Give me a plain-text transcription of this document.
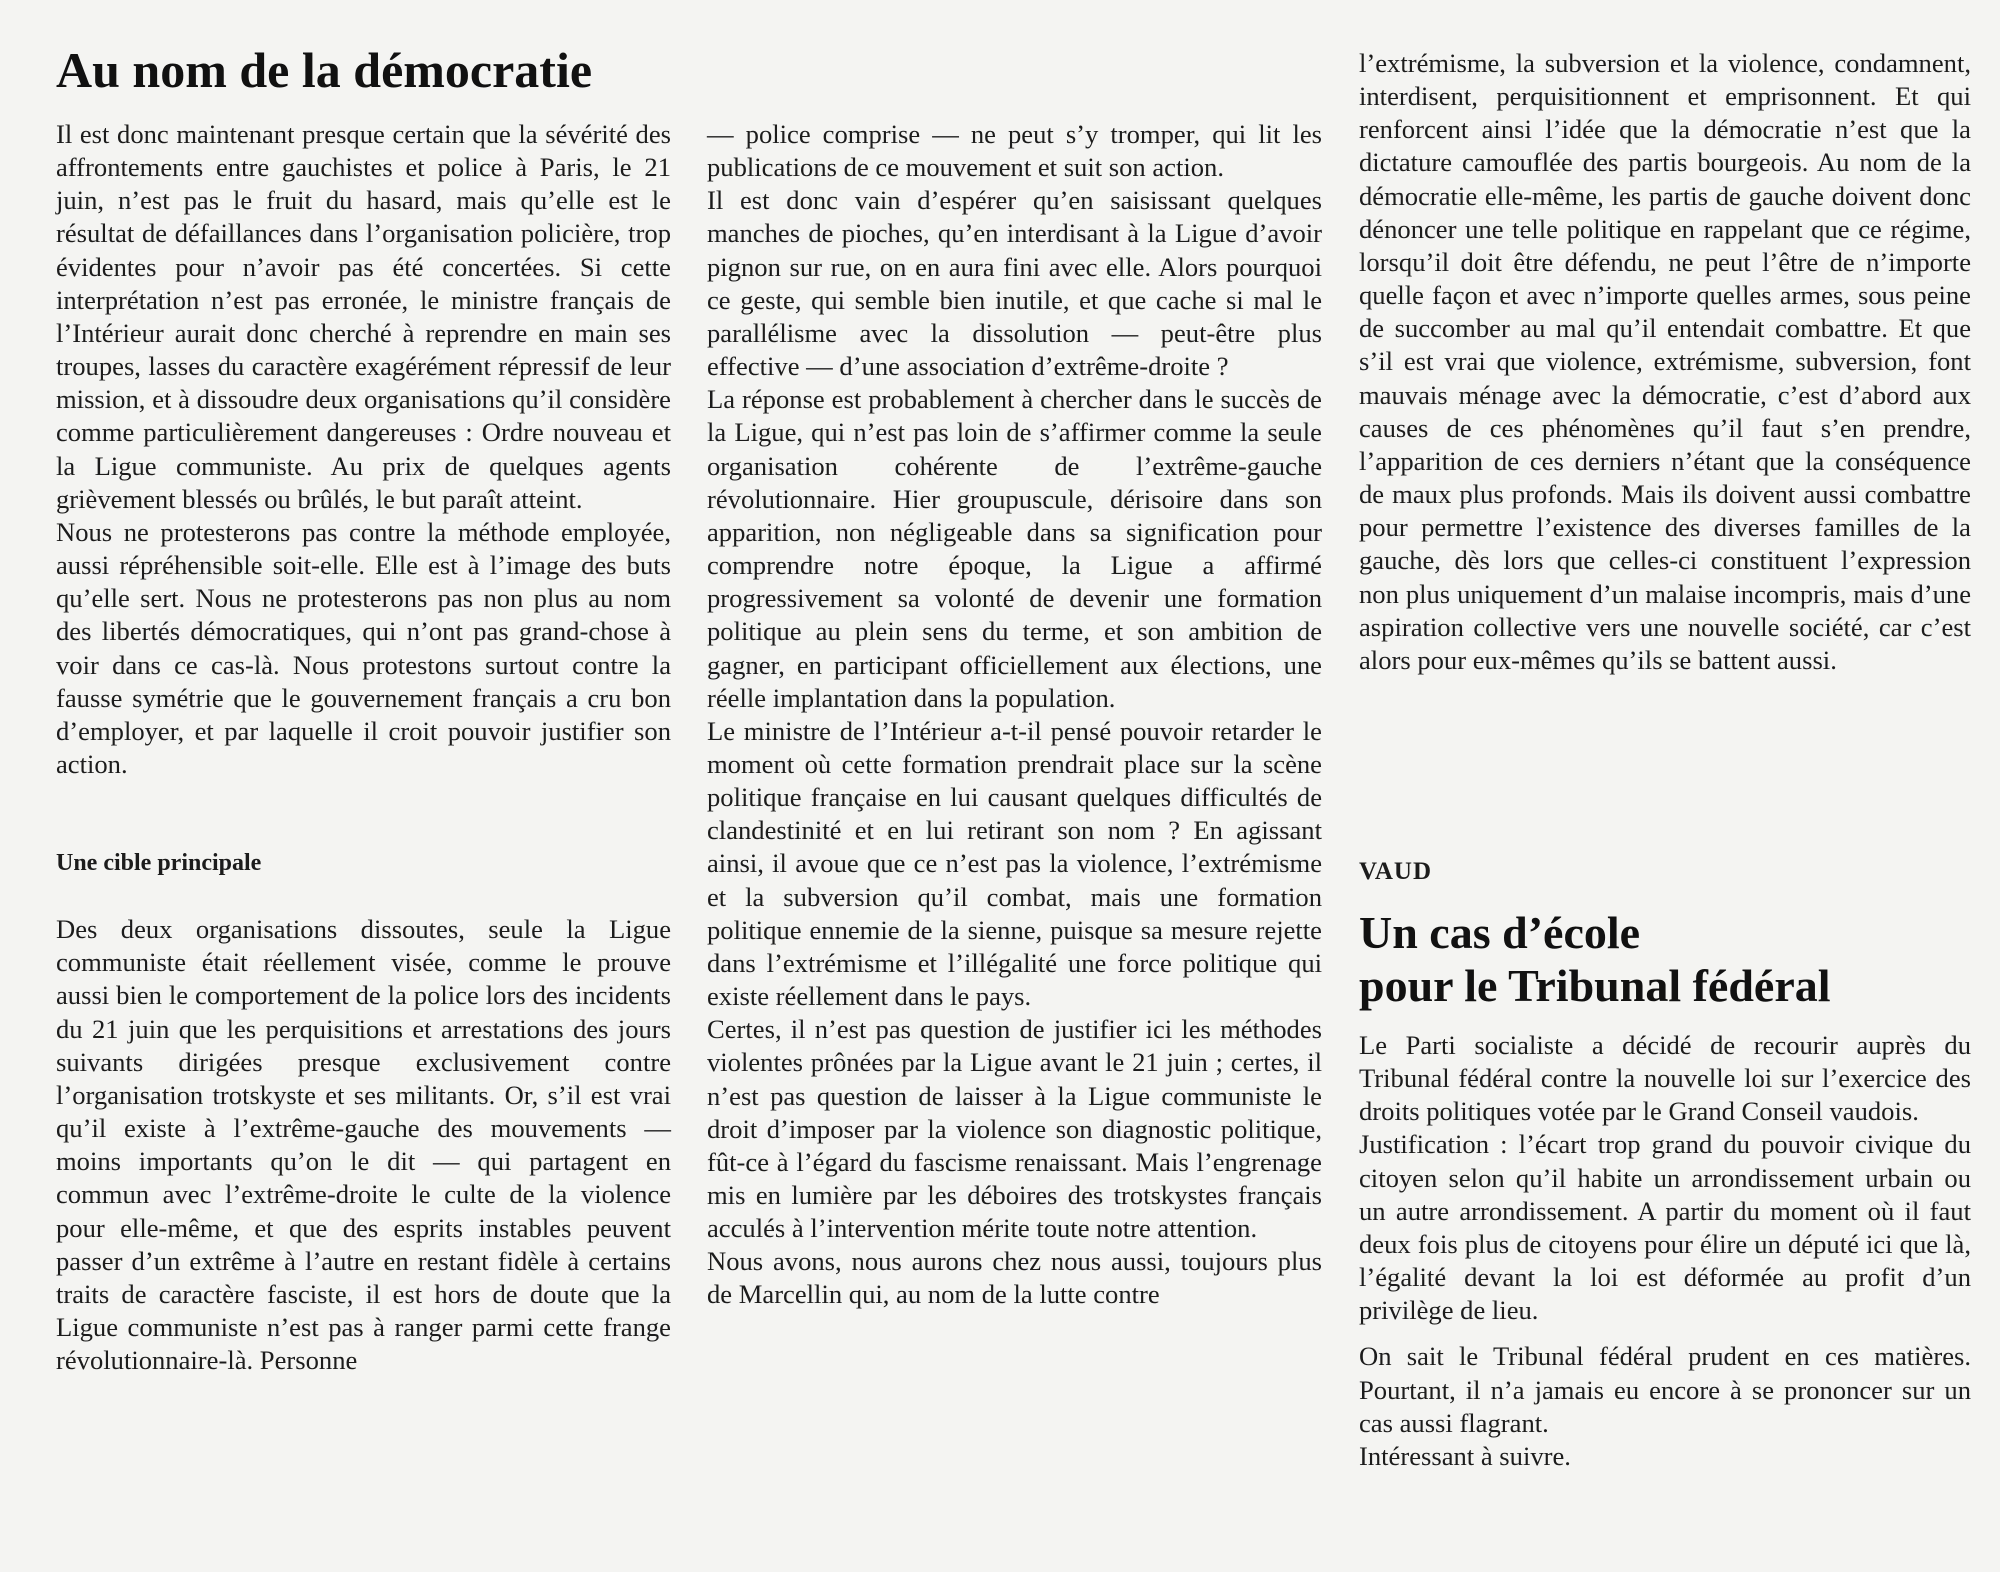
Au nom de la démocratie

Il est donc maintenant presque certain que la sévérité des affrontements entre gauchistes et police à Paris, le 21 juin, n’est pas le fruit du hasard, mais qu’elle est le résultat de défaillances dans l’organisation policière, trop évidentes pour n’avoir pas été concertées. Si cette interprétation n’est pas erronée, le ministre français de l’Intérieur aurait donc cherché à reprendre en main ses troupes, lasses du caractère exagérément répressif de leur mission, et à dissoudre deux organisations qu’il considère comme particulièrement dangereuses : Ordre nouveau et la Ligue communiste. Au prix de quelques agents grièvement blessés ou brûlés, le but paraît atteint.

Nous ne protesterons pas contre la méthode employée, aussi répréhensible soit-elle. Elle est à l’image des buts qu’elle sert. Nous ne protesterons pas non plus au nom des libertés démocratiques, qui n’ont pas grand-chose à voir dans ce cas-là. Nous protestons surtout contre la fausse symétrie que le gouvernement français a cru bon d’employer, et par laquelle il croit pouvoir justifier son action.

Une cible principale

Des deux organisations dissoutes, seule la Ligue communiste était réellement visée, comme le prouve aussi bien le comportement de la police lors des incidents du 21 juin que les perquisitions et arrestations des jours suivants dirigées presque exclusivement contre l’organisation trotskyste et ses militants. Or, s’il est vrai qu’il existe à l’extrême-gauche des mouvements — moins importants qu’on le dit — qui partagent en commun avec l’extrême-droite le culte de la violence pour elle-même, et que des esprits instables peuvent passer d’un extrême à l’autre en restant fidèle à certains traits de caractère fasciste, il est hors de doute que la Ligue communiste n’est pas à ranger parmi cette frange révolutionnaire-là. Personne

— police comprise — ne peut s’y tromper, qui lit les publications de ce mouvement et suit son action.

Il est donc vain d’espérer qu’en saisissant quelques manches de pioches, qu’en interdisant à la Ligue d’avoir pignon sur rue, on en aura fini avec elle. Alors pourquoi ce geste, qui semble bien inutile, et que cache si mal le parallélisme avec la dissolution — peut-être plus effective — d’une association d’extrême-droite ?

La réponse est probablement à chercher dans le succès de la Ligue, qui n’est pas loin de s’affirmer comme la seule organisation cohérente de l’extrême-gauche révolutionnaire. Hier groupuscule, dérisoire dans son apparition, non négligeable dans sa signification pour comprendre notre époque, la Ligue a affirmé progressivement sa volonté de devenir une formation politique au plein sens du terme, et son ambition de gagner, en participant officiellement aux élections, une réelle implantation dans la population.

Le ministre de l’Intérieur a-t-il pensé pouvoir retarder le moment où cette formation prendrait place sur la scène politique française en lui causant quelques difficultés de clandestinité et en lui retirant son nom ? En agissant ainsi, il avoue que ce n’est pas la violence, l’extrémisme et la subversion qu’il combat, mais une formation politique ennemie de la sienne, puisque sa mesure rejette dans l’extrémisme et l’illégalité une force politique qui existe réellement dans le pays.

Certes, il n’est pas question de justifier ici les méthodes violentes prônées par la Ligue avant le 21 juin ; certes, il n’est pas question de laisser à la Ligue communiste le droit d’imposer par la violence son diagnostic politique, fût-ce à l’égard du fascisme renaissant. Mais l’engrenage mis en lumière par les déboires des trotskystes français acculés à l’intervention mérite toute notre attention.

Nous avons, nous aurons chez nous aussi, toujours plus de Marcellin qui, au nom de la lutte contre

l’extrémisme, la subversion et la violence, condamnent, interdisent, perquisitionnent et emprisonnent. Et qui renforcent ainsi l’idée que la démocratie n’est que la dictature camouflée des partis bourgeois. Au nom de la démocratie elle-même, les partis de gauche doivent donc dénoncer une telle politique en rappelant que ce régime, lorsqu’il doit être défendu, ne peut l’être de n’importe quelle façon et avec n’importe quelles armes, sous peine de succomber au mal qu’il entendait combattre. Et que s’il est vrai que violence, extrémisme, subversion, font mauvais ménage avec la démocratie, c’est d’abord aux causes de ces phénomènes qu’il faut s’en prendre, l’apparition de ces derniers n’étant que la conséquence de maux plus profonds. Mais ils doivent aussi combattre pour permettre l’existence des diverses familles de la gauche, dès lors que celles-ci constituent l’expression non plus uniquement d’un malaise incompris, mais d’une aspiration collective vers une nouvelle société, car c’est alors pour eux-mêmes qu’ils se battent aussi.

VAUD
Un cas d’école
pour le Tribunal fédéral

Le Parti socialiste a décidé de recourir auprès du Tribunal fédéral contre la nouvelle loi sur l’exercice des droits politiques votée par le Grand Conseil vaudois.

Justification : l’écart trop grand du pouvoir civique du citoyen selon qu’il habite un arrondissement urbain ou un autre arrondissement. A partir du moment où il faut deux fois plus de citoyens pour élire un député ici que là, l’égalité devant la loi est déformée au profit d’un privilège de lieu.

On sait le Tribunal fédéral prudent en ces matières. Pourtant, il n’a jamais eu encore à se prononcer sur un cas aussi flagrant.

Intéressant à suivre.
